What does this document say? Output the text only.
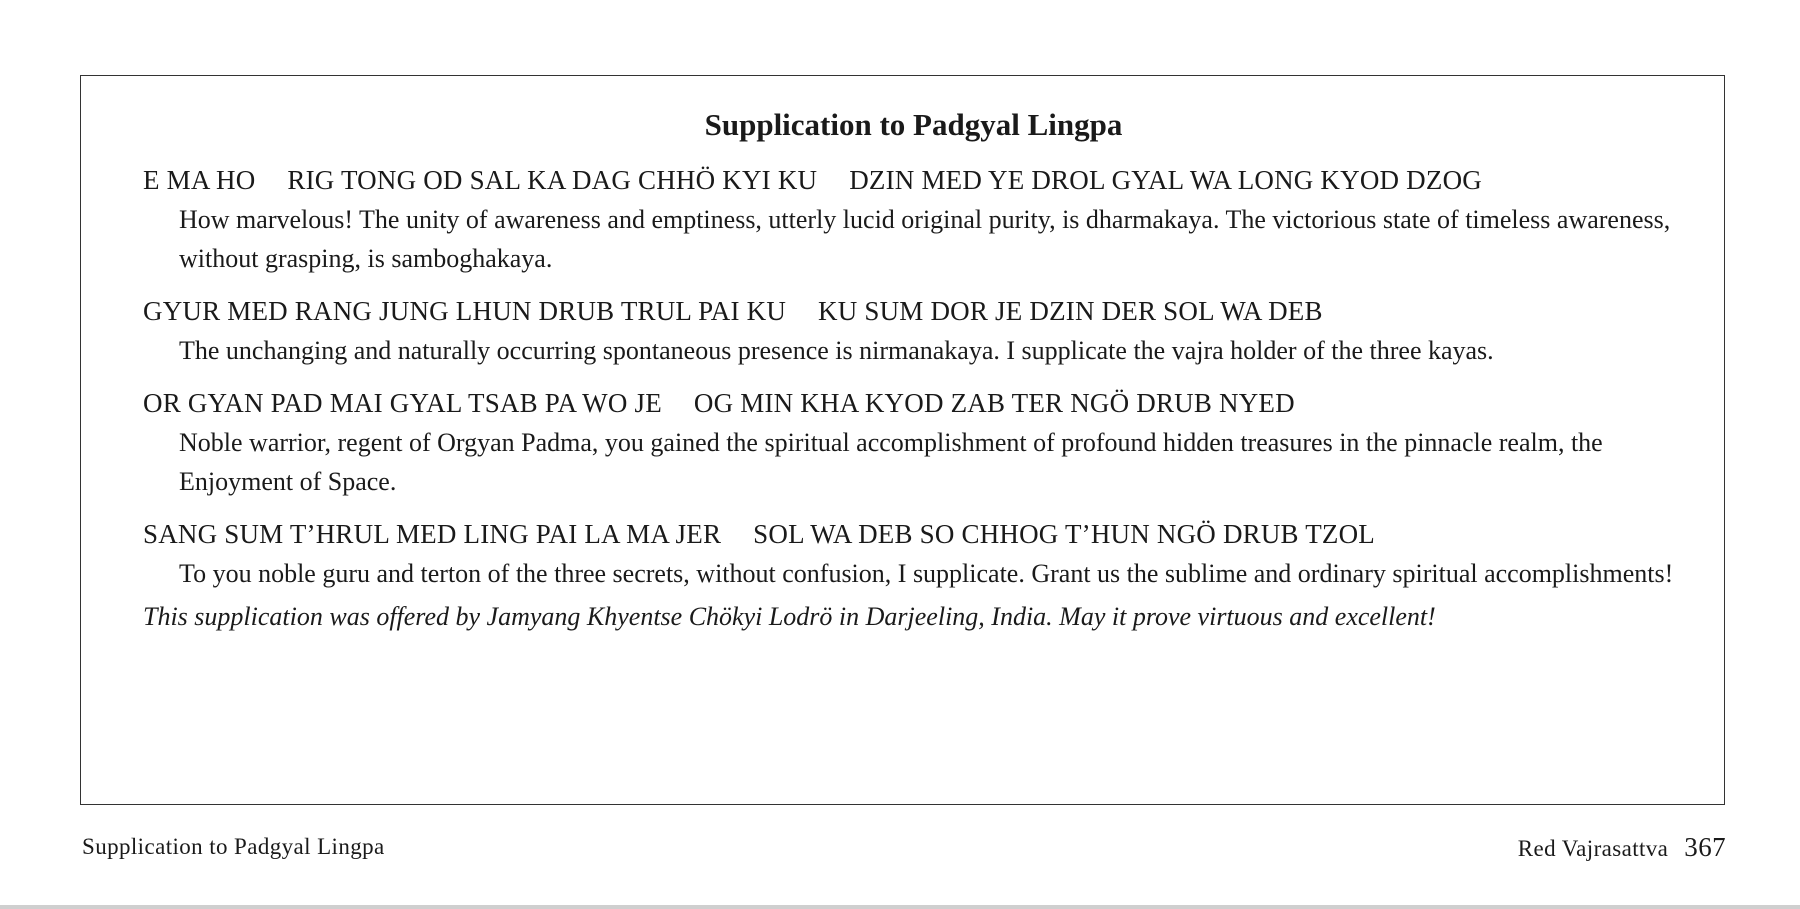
Supplication to Padgyal Lingpa

E MA HO RIG TONG OD SAL KA DAG CHHÖ KYI KU DZIN MED YE DROL GYAL WA LONG KYOD DZOG

How marvelous! The unity of awareness and emptiness, utterly lucid original purity, is dharmakaya. The victorious state of timeless awareness, without grasping, is samboghakaya.

GYUR MED RANG JUNG LHUN DRUB TRUL PAI KU KU SUM DOR JE DZIN DER SOL WA DEB

The unchanging and naturally occurring spontaneous presence is nirmanakaya. I supplicate the vajra holder of the three kayas.

OR GYAN PAD MAI GYAL TSAB PA WO JE OG MIN KHA KYOD ZAB TER NGÖ DRUB NYED

Noble warrior, regent of Orgyan Padma, you gained the spiritual accomplishment of profound hidden treasures in the pinnacle realm, the Enjoyment of Space.

SANG SUM T’HRUL MED LING PAI LA MA JER SOL WA DEB SO CHHOG T’HUN NGÖ DRUB TZOL

To you noble guru and terton of the three secrets, without confusion, I supplicate. Grant us the sublime and ordinary spiritual accomplishments!

This supplication was offered by Jamyang Khyentse Chökyi Lodrö in Darjeeling, India. May it prove virtuous and excellent!

Supplication to Padgyal Lingpa	Red Vajrasattva 367
